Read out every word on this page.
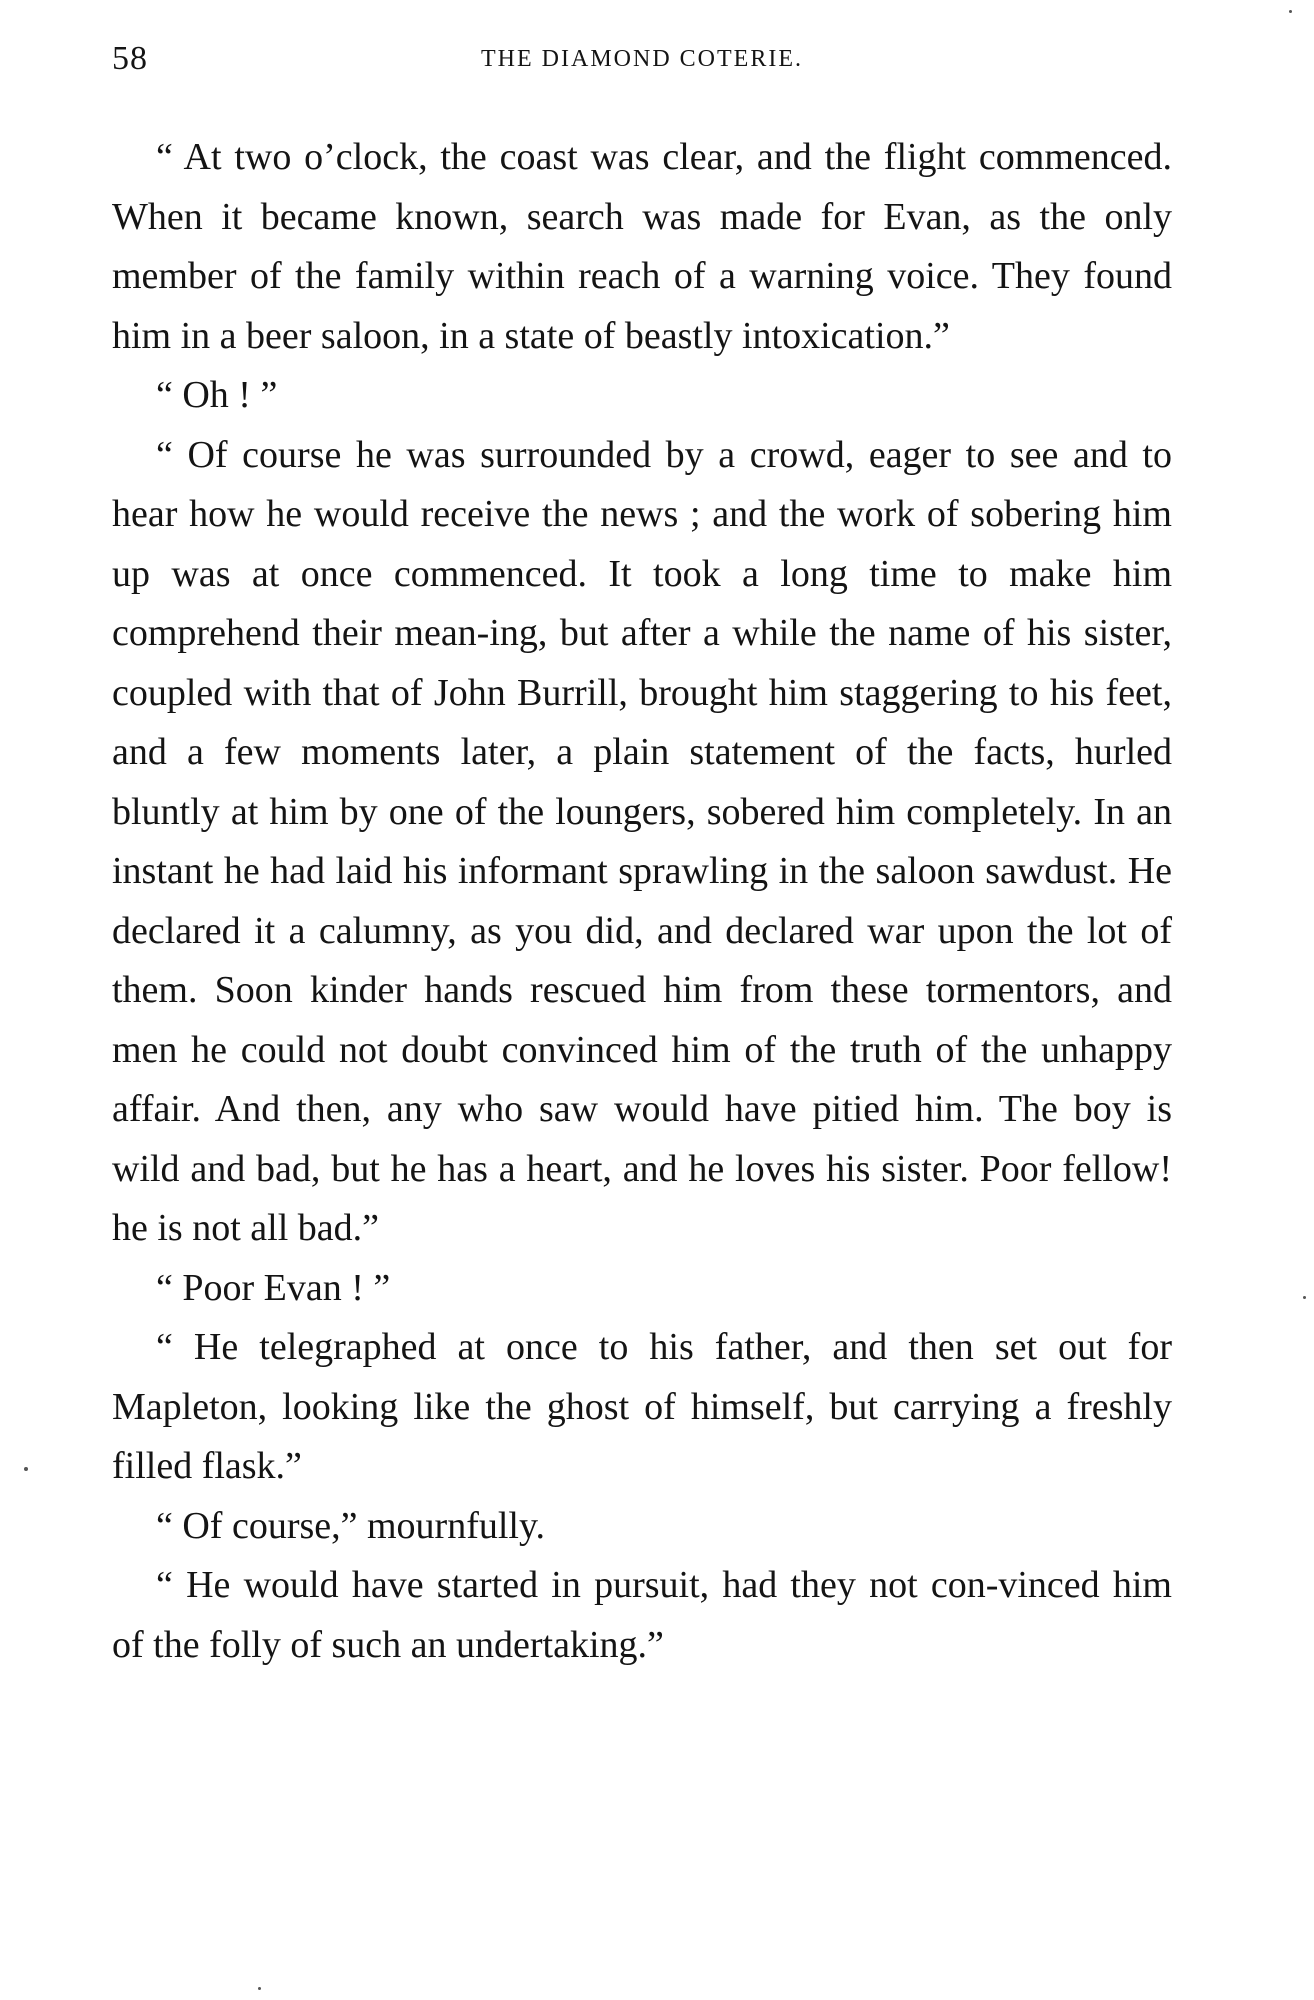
58	THE DIAMOND COTERIE.

“ At two o’clock, the coast was clear, and the flight commenced. When it became known, search was made for Evan, as the only member of the family within reach of a warning voice. They found him in a beer saloon, in a state of beastly intoxication.”

“ Oh ! ”

“ Of course he was surrounded by a crowd, eager to see and to hear how he would receive the news ; and the work of sobering him up was at once commenced. It took a long time to make him comprehend their mean-ing, but after a while the name of his sister, coupled with that of John Burrill, brought him staggering to his feet, and a few moments later, a plain statement of the facts, hurled bluntly at him by one of the loungers, sobered him completely. In an instant he had laid his informant sprawling in the saloon sawdust. He declared it a calumny, as you did, and declared war upon the lot of them. Soon kinder hands rescued him from these tormentors, and men he could not doubt convinced him of the truth of the unhappy affair. And then, any who saw would have pitied him. The boy is wild and bad, but he has a heart, and he loves his sister. Poor fellow! he is not all bad.”

“ Poor Evan ! ”

“ He telegraphed at once to his father, and then set out for Mapleton, looking like the ghost of himself, but carrying a freshly filled flask.”

“ Of course,” mournfully.

“ He would have started in pursuit, had they not con-vinced him of the folly of such an undertaking.”
